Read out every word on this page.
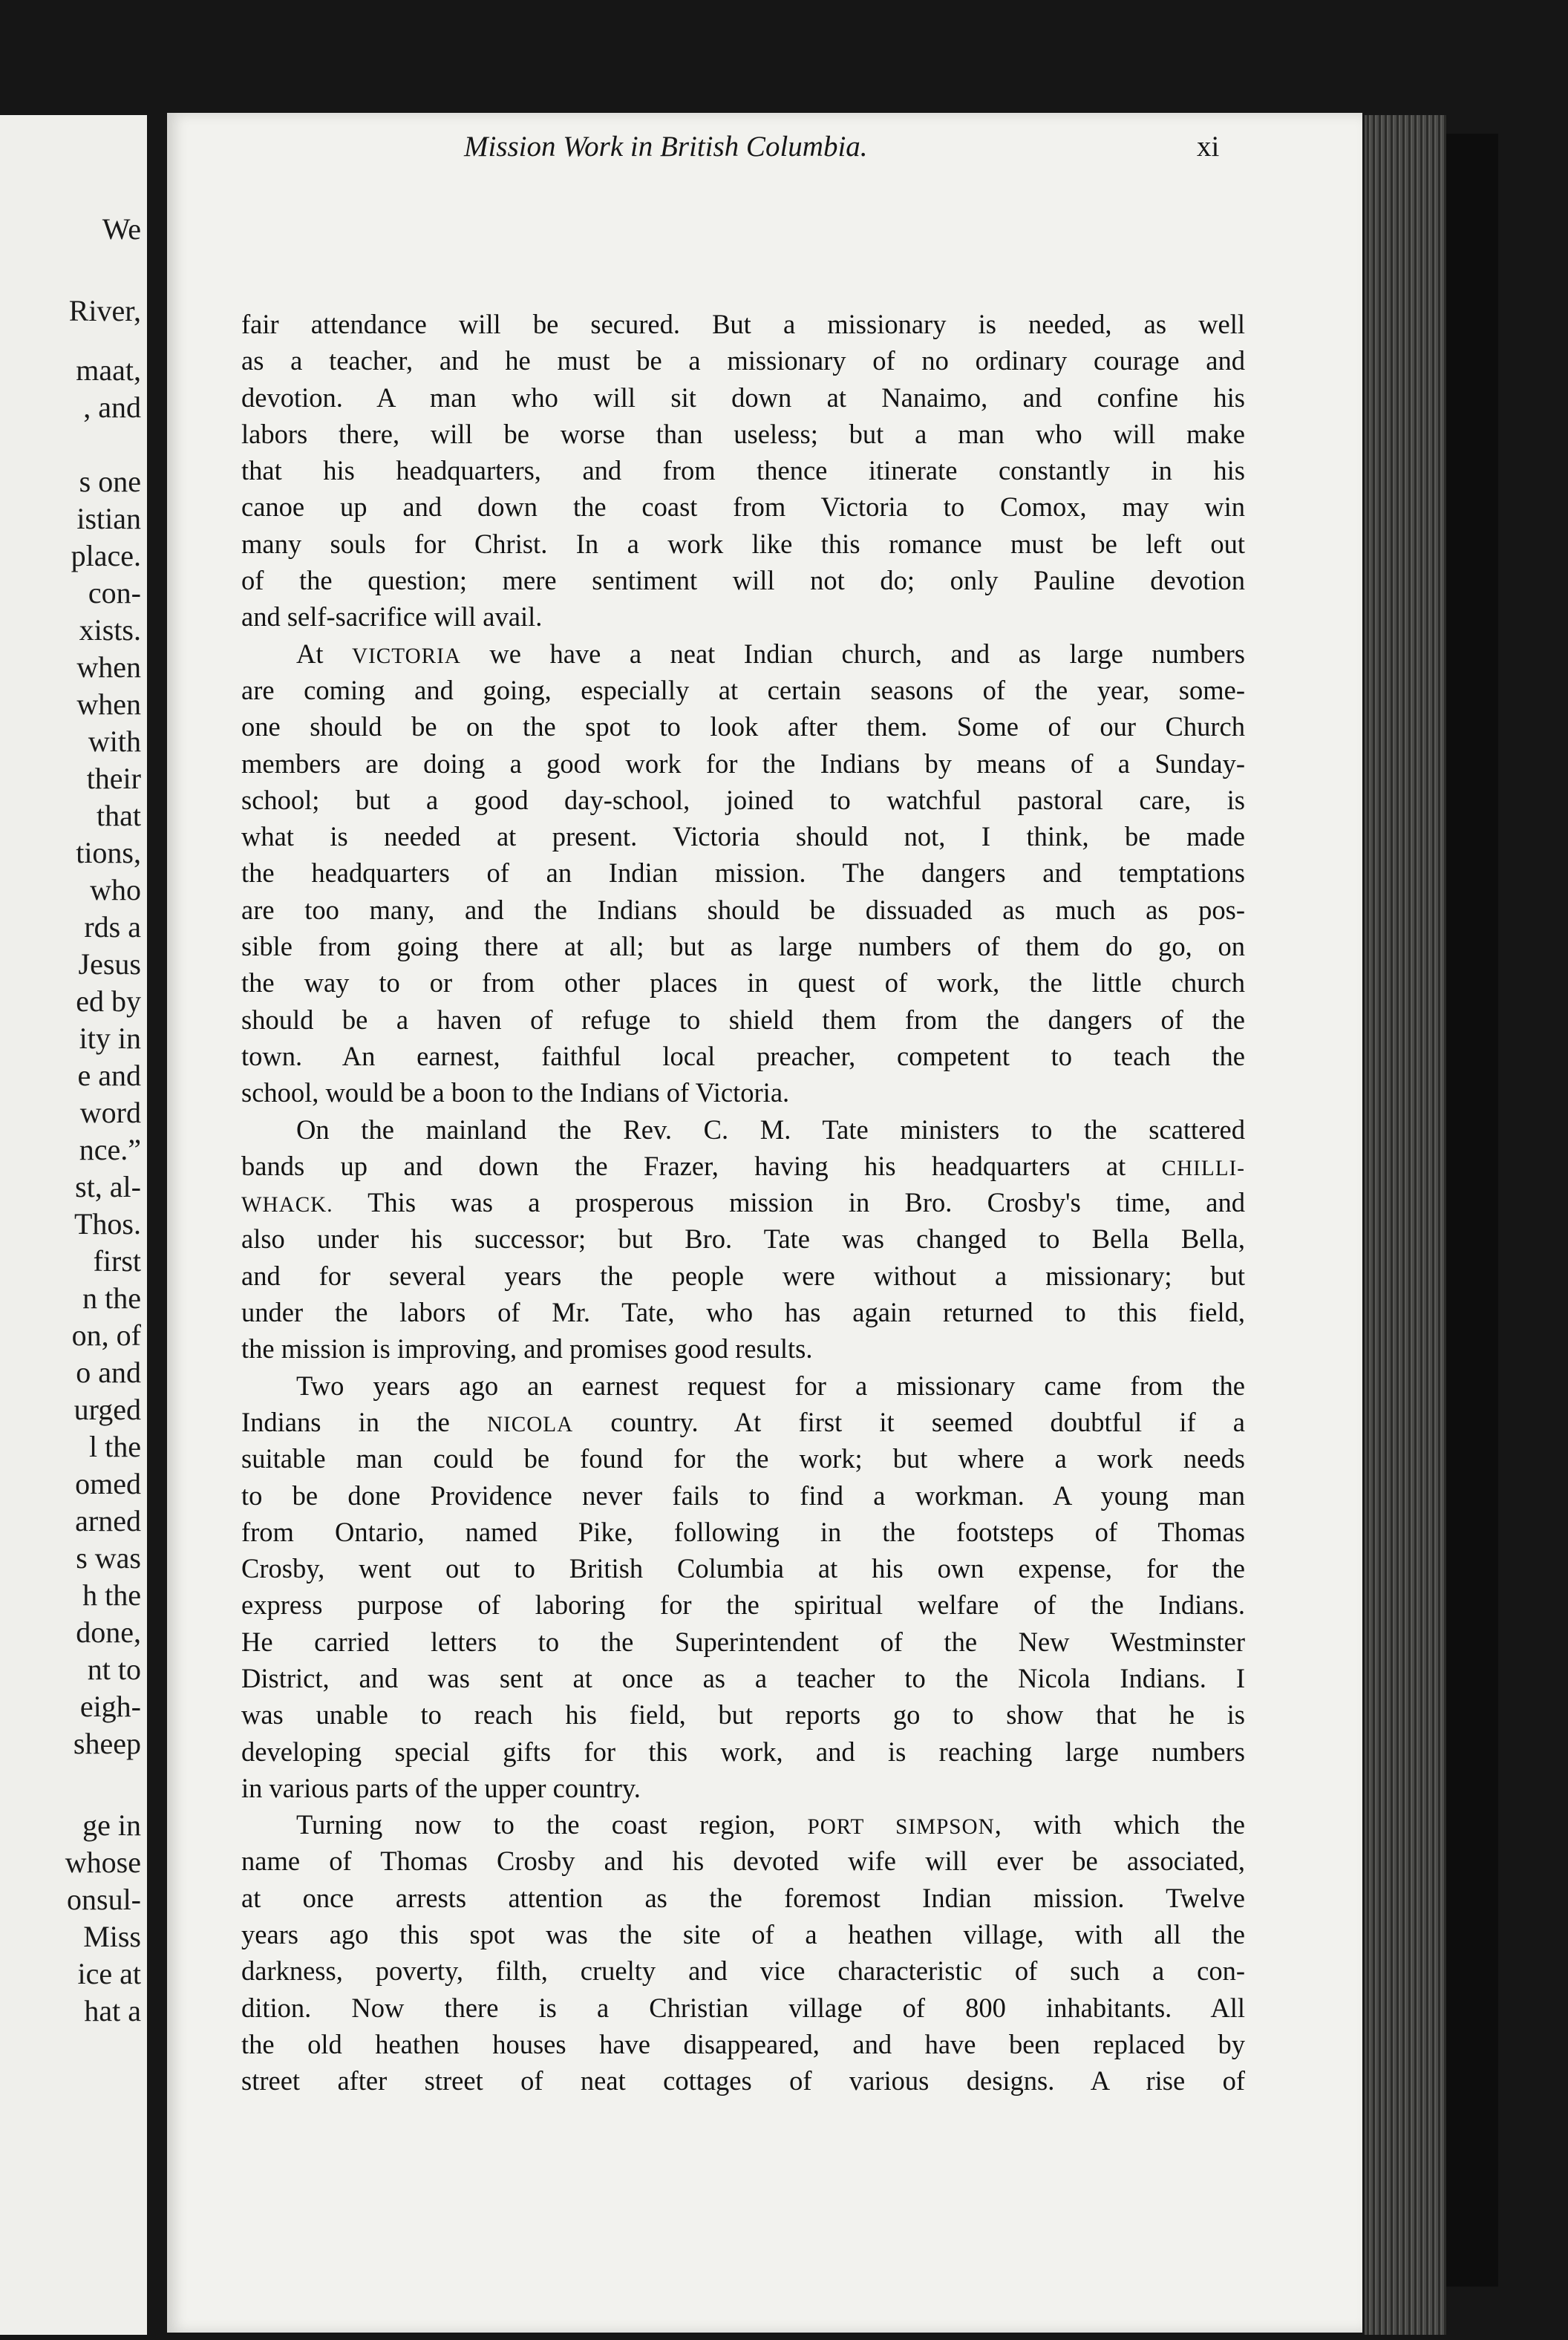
We
River,
maat,
, and
s one
istian
place.
con-
xists.
when
when
with
their
that
tions,
who
rds a
Jesus
ed by
ity in
e and
word
nce.”
st, al-
Thos.
first
n the
on, of
o and
urged
l the
omed
arned
s was
h the
done,
nt to
eigh-
sheep
ge in
whose
onsul-
Miss
ice at
hat a
Mission Work in British Columbia.	xi
fair attendance will be secured. But a missionary is needed, as well
as a teacher, and he must be a missionary of no ordinary courage and
devotion. A man who will sit down at Nanaimo, and confine his
labors there, will be worse than useless; but a man who will make
that his headquarters, and from thence itinerate constantly in his
canoe up and down the coast from Victoria to Comox, may win
many souls for Christ. In a work like this romance must be left out
of the question; mere sentiment will not do; only Pauline devotion
and self-sacrifice will avail.
At VICTORIA we have a neat Indian church, and as large numbers
are coming and going, especially at certain seasons of the year, some-
one should be on the spot to look after them. Some of our Church
members are doing a good work for the Indians by means of a Sunday-
school; but a good day-school, joined to watchful pastoral care, is
what is needed at present. Victoria should not, I think, be made
the headquarters of an Indian mission. The dangers and temptations
are too many, and the Indians should be dissuaded as much as pos-
sible from going there at all; but as large numbers of them do go, on
the way to or from other places in quest of work, the little church
should be a haven of refuge to shield them from the dangers of the
town. An earnest, faithful local preacher, competent to teach the
school, would be a boon to the Indians of Victoria.
On the mainland the Rev. C. M. Tate ministers to the scattered
bands up and down the Frazer, having his headquarters at CHILLI-
WHACK. This was a prosperous mission in Bro. Crosby's time, and
also under his successor; but Bro. Tate was changed to Bella Bella,
and for several years the people were without a missionary; but
under the labors of Mr. Tate, who has again returned to this field,
the mission is improving, and promises good results.
Two years ago an earnest request for a missionary came from the
Indians in the NICOLA country. At first it seemed doubtful if a
suitable man could be found for the work; but where a work needs
to be done Providence never fails to find a workman. A young man
from Ontario, named Pike, following in the footsteps of Thomas
Crosby, went out to British Columbia at his own expense, for the
express purpose of laboring for the spiritual welfare of the Indians.
He carried letters to the Superintendent of the New Westminster
District, and was sent at once as a teacher to the Nicola Indians. I
was unable to reach his field, but reports go to show that he is
developing special gifts for this work, and is reaching large numbers
in various parts of the upper country.
Turning now to the coast region, PORT SIMPSON, with which the
name of Thomas Crosby and his devoted wife will ever be associated,
at once arrests attention as the foremost Indian mission. Twelve
years ago this spot was the site of a heathen village, with all the
darkness, poverty, filth, cruelty and vice characteristic of such a con-
dition. Now there is a Christian village of 800 inhabitants. All
the old heathen houses have disappeared, and have been replaced by
street after street of neat cottages of various designs. A rise of
